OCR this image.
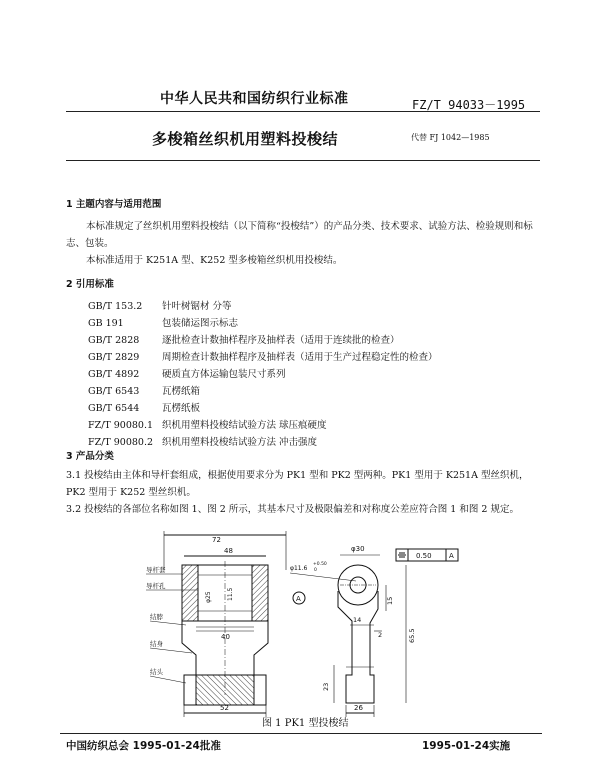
中华人民共和国纺织行业标准	FZ/T 94033－1995
多梭箱丝织机用塑料投梭结	代替 FJ 1042—1985
1 主题内容与适用范围
本标准规定了丝织机用塑料投梭结（以下简称“投梭结”）的产品分类、技术要求、试验方法、检验规则和标志、包装。
本标准适用于 K251A 型、K252 型多梭箱丝织机用投梭结。
2 引用标准
GB/T 153.2 针叶树锯材 分等
GB 191	包装储运图示标志
GB/T 2828 逐批检查计数抽样程序及抽样表（适用于连续批的检查）
GB/T 2829 周期检查计数抽样程序及抽样表（适用于生产过程稳定性的检查）
GB/T 4892 硬质直方体运输包装尺寸系列
GB/T 6543 瓦楞纸箱
GB/T 6544 瓦楞纸板
FZ/T 90080.1 织机用塑料投梭结试验方法 球压痕硬度
FZ/T 90080.2 织机用塑料投梭结试验方法 冲击强度
3 产品分类
3.1 投梭结由主体和导杆套组成，根据使用要求分为 PK1 型和 PK2 型两种。PK1 型用于 K251A 型丝织机，PK2 型用于 K252 型丝织机。
3.2 投梭结的各部位名称如图 1、图 2 所示，其基本尺寸及极限偏差和对称度公差应符合图 1 和图 2 规定。
72
48
φ25	11.5
40
52
导杆套
导杆孔
结脖
结身
结头
φ30
0.50 A
φ11.6
+0.50
0
A	15
14
2	65.5
23
26
图 1 PK1 型投梭结
中国纺织总会 1995-01-24批准	1995-01-24实施
